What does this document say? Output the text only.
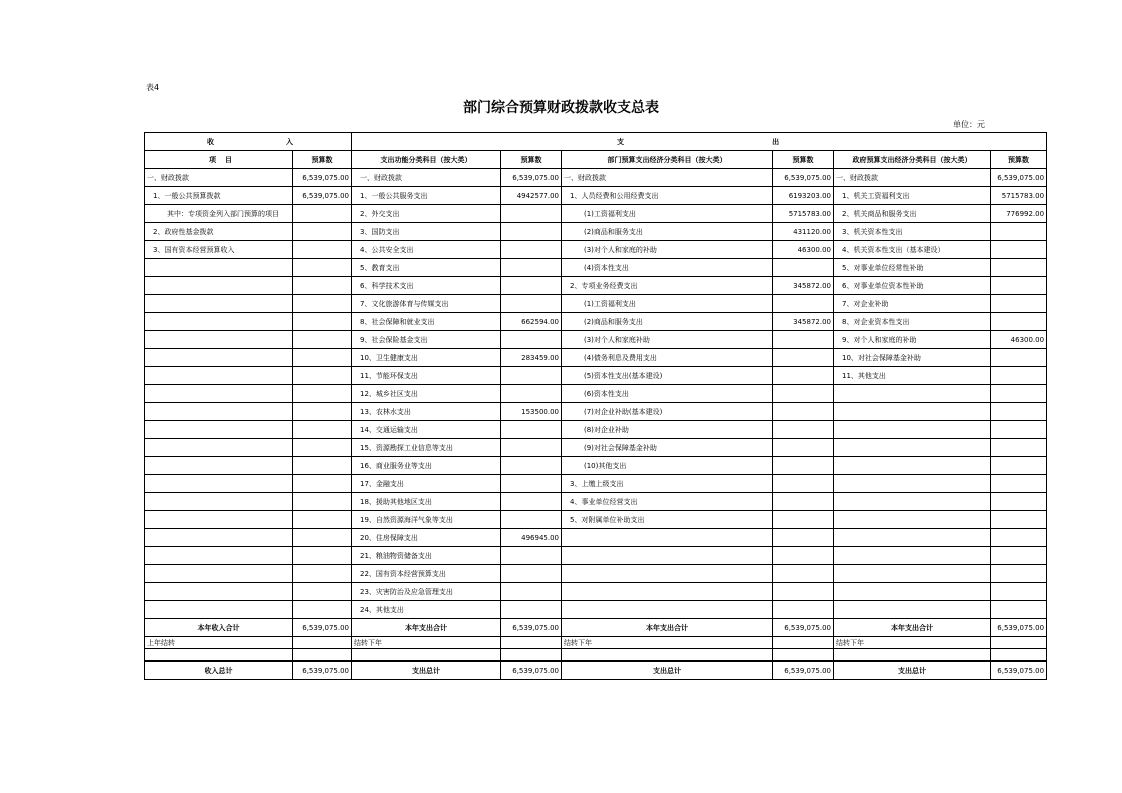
表4
部门综合预算财政拨款收支总表
单位：元
收 入		支 出					

项 目	预算数	支出功能分类科目（按大类）	预算数	部门预算支出经济分类科目（按大类）	预算数	政府预算支出经济分类科目（按大类）	预算数
一、财政拨款	6,539,075.00	一、财政拨款	6,539,075.00	一、财政拨款	6,539,075.00	一、财政拨款	6,539,075.00
1、一般公共预算拨款	6,539,075.00	1、一般公共服务支出	4942577.00	1、人员经费和公用经费支出	6193203.00	1、机关工资福利支出	5715783.00
其中：专项资金列入部门预算的项目		2、外交支出		(1)工资福利支出	5715783.00	2、机关商品和服务支出	776992.00
2、政府性基金拨款		3、国防支出		(2)商品和服务支出	431120.00	3、机关资本性支出	
3、国有资本经营预算收入		4、公共安全支出		(3)对个人和家庭的补助	46300.00	4、机关资本性支出（基本建设）	
		5、教育支出		(4)资本性支出		5、对事业单位经常性补助	
		6、科学技术支出		2、专项业务经费支出	345872.00	6、对事业单位资本性补助	
		7、文化旅游体育与传媒支出		(1)工资福利支出		7、对企业补助	
		8、社会保障和就业支出	662594.00	(2)商品和服务支出	345872.00	8、对企业资本性支出	
		9、社会保险基金支出		(3)对个人和家庭补助		9、对个人和家庭的补助	46300.00
		10、卫生健康支出	283459.00	(4)债务利息及费用支出		10、对社会保障基金补助	
		11、节能环保支出		(5)资本性支出(基本建设)		11、其他支出	
		12、城乡社区支出		(6)资本性支出			
		13、农林水支出	153500.00	(7)对企业补助(基本建设)			
		14、交通运输支出		(8)对企业补助			
		15、资源勘探工业信息等支出		(9)对社会保障基金补助			
		16、商业服务业等支出		(10)其他支出			
		17、金融支出		3、上缴上级支出			
		18、援助其他地区支出		4、事业单位经营支出			
		19、自然资源海洋气象等支出		5、对附属单位补助支出			
		20、住房保障支出	496945.00				
		21、粮油物资储备支出					
		22、国有资本经营预算支出					
		23、灾害防治及应急管理支出					
		24、其他支出					
本年收入合计	6,539,075.00	本年支出合计	6,539,075.00	本年支出合计	6,539,075.00	本年支出合计	6,539,075.00
上年结转		结转下年		结转下年		结转下年	

收入总计	6,539,075.00	支出总计	6,539,075.00	支出总计	6,539,075.00	支出总计	6,539,075.00
